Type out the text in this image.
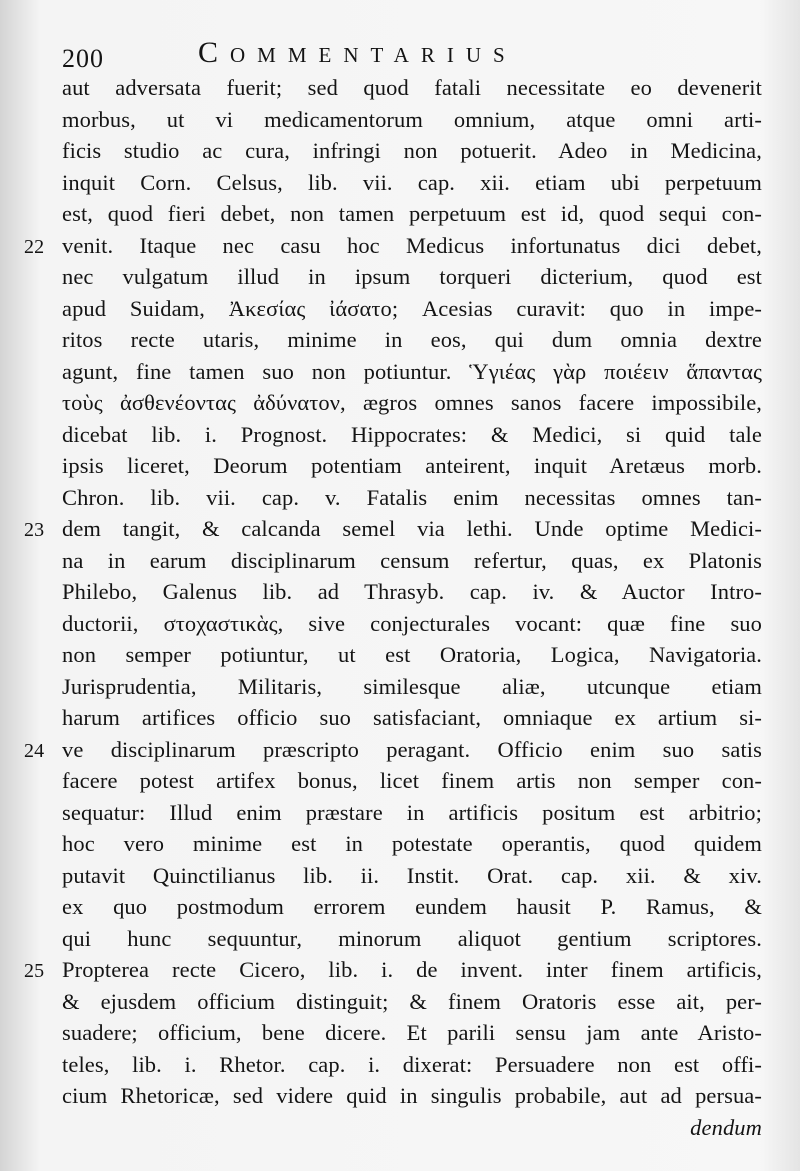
200	Commentarius
aut adversata fuerit; sed quod fatali necessitate eo devenerit
morbus, ut vi medicamentorum omnium, atque omni arti-
ficis studio ac cura, infringi non potuerit. Adeo in Medicina,
inquit Corn. Celsus, lib. vii. cap. xii. etiam ubi perpetuum
est, quod fieri debet, non tamen perpetuum est id, quod sequi con-
22 venit. Itaque nec casu hoc Medicus infortunatus dici debet,
nec vulgatum illud in ipsum torqueri dicterium, quod est
apud Suidam, Ἀκεσίας ἰάσατο; Acesias curavit: quo in impe-
ritos recte utaris, minime in eos, qui dum omnia dextre
agunt, fine tamen suo non potiuntur. Ὑγιέας γὰρ ποιέειν ἅπαντας
τοὺς ἀσθενέοντας ἀδύνατον, ægros omnes sanos facere impossibile,
dicebat lib. i. Prognost. Hippocrates: & Medici, si quid tale
ipsis liceret, Deorum potentiam anteirent, inquit Aretæus morb.
Chron. lib. vii. cap. v. Fatalis enim necessitas omnes tan-
23 dem tangit, & calcanda semel via lethi. Unde optime Medici-
na in earum disciplinarum censum refertur, quas, ex Platonis
Philebo, Galenus lib. ad Thrasyb. cap. iv. & Auctor Intro-
ductorii, στοχαστικὰς, sive conjecturales vocant: quæ fine suo
non semper potiuntur, ut est Oratoria, Logica, Navigatoria.
Jurisprudentia, Militaris, similesque aliæ, utcunque etiam
harum artifices officio suo satisfaciant, omniaque ex artium si-
24 ve disciplinarum præscripto peragant. Officio enim suo satis
facere potest artifex bonus, licet finem artis non semper con-
sequatur: Illud enim præstare in artificis positum est arbitrio;
hoc vero minime est in potestate operantis, quod quidem
putavit Quinctilianus lib. ii. Instit. Orat. cap. xii. & xiv.
ex quo postmodum errorem eundem hausit P. Ramus, &
qui hunc sequuntur, minorum aliquot gentium scriptores.
25 Propterea recte Cicero, lib. i. de invent. inter finem artificis,
& ejusdem officium distinguit; & finem Oratoris esse ait, per-
suadere; officium, bene dicere. Et parili sensu jam ante Aristo-
teles, lib. i. Rhetor. cap. i. dixerat: Persuadere non est offi-
cium Rhetoricæ, sed videre quid in singulis probabile, aut ad persua-
dendum
